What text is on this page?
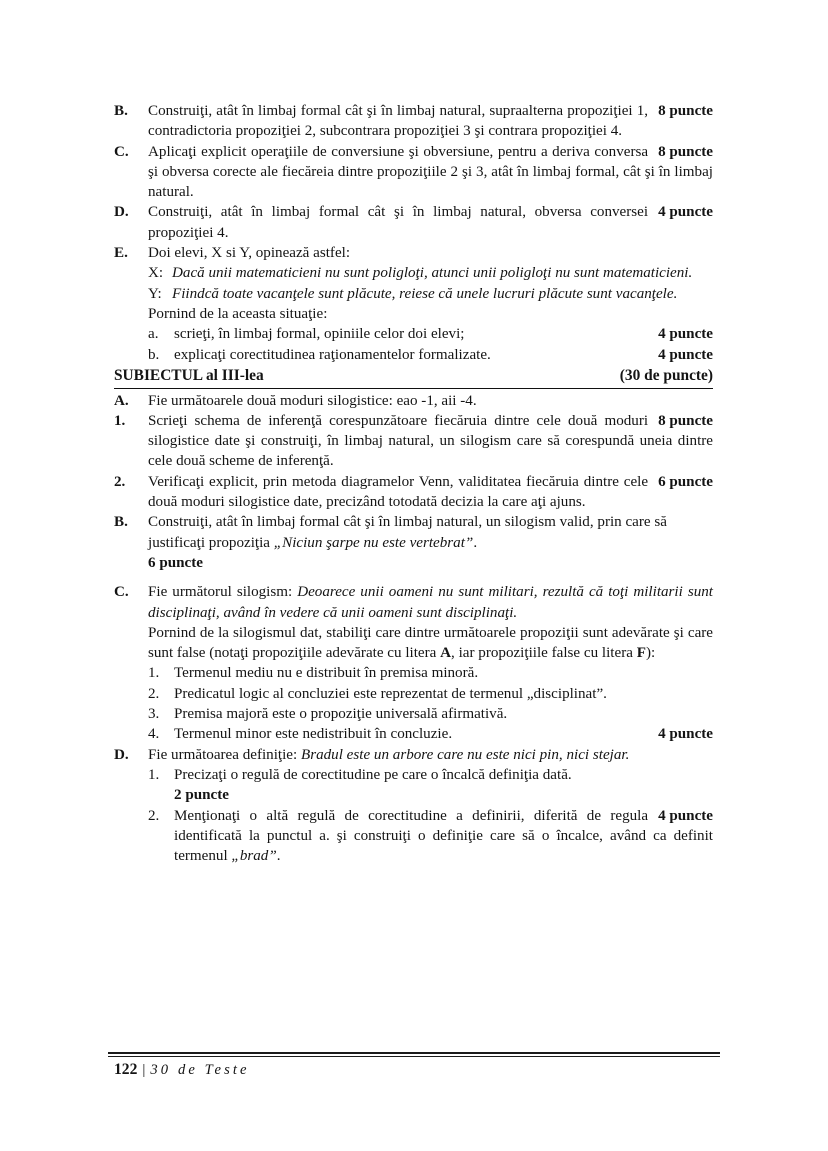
B.	8 puncte
Construiţi, atât în limbaj formal cât şi în limbaj natural, supraalterna propoziţiei 1, contradictoria propoziţiei 2, subcontrara propoziţiei 3 şi contrara propoziţiei 4.

C.	8 puncte
Aplicaţi explicit operaţiile de conversiune şi obversiune, pentru a deriva conversa şi obversa corecte ale fiecăreia dintre propoziţiile 2 şi 3, atât în limbaj formal, cât şi în limbaj natural.

D.	4 puncte
Construiţi, atât în limbaj formal cât şi în limbaj natural, obversa conversei propoziţiei 4.

E.	Doi elevi, X si Y, opinează astfel:

X: Dacă unii matematicieni nu sunt poligloţi, atunci unii poligloţi nu sunt matematicieni.

Y: Fiindcă toate vacanţele sunt plăcute, reiese că unele lucruri plăcute sunt vacanţele.

Pornind de la aceasta situaţie:

a.	4 puncte
scrieţi, în limbaj formal, opiniile celor doi elevi;

b.	4 puncte
explicaţi corectitudinea raţionamentelor formalizate.

SUBIECTUL al III-lea	(30 de puncte)
A.	Fie următoarele două moduri silogistice: eao -1, aii -4.

1.	8 puncte
Scrieţi schema de inferenţă corespunzătoare fiecăruia dintre cele două moduri silogistice date şi construiţi, în limbaj natural, un silogism care să corespundă uneia dintre cele două scheme de inferenţă.

2.	6 puncte
Verificaţi explicit, prin metoda diagramelor Venn, validitatea fiecăruia dintre cele două moduri silogistice date, precizând totodată decizia la care aţi ajuns.

B.	Construiţi, atât în limbaj formal cât şi în limbaj natural, un silogism valid, prin care să justificaţi propoziţia „Niciun şarpe nu este vertebrat”.

6 puncte

C.	Fie următorul silogism: Deoarece unii oameni nu sunt militari, rezultă că toţi militarii sunt disciplinaţi, având în vedere că unii oameni sunt disciplinaţi.

Pornind de la silogismul dat, stabiliţi care dintre următoarele propoziţii sunt adevărate şi care sunt false (notaţi propoziţiile adevărate cu litera A, iar propoziţiile false cu litera F):

1. Termenul mediu nu e distribuit în premisa minoră.

2. Predicatul logic al concluziei este reprezentat de termenul „disciplinat”.

3. Premisa majoră este o propoziţie universală afirmativă.

4.	4 puncte
Termenul minor este nedistribuit în concluzie.

D.	Fie următoarea definiţie: Bradul este un arbore care nu este nici pin, nici stejar.

1. Precizaţi o regulă de corectitudine pe care o încalcă definiţia dată.

2 puncte

2.	4 puncte
Menţionaţi o altă regulă de corectitudine a definirii, diferită de regula identificată la punctul a. şi construiţi o definiţie care să o încalce, având ca definit termenul „brad”.

122 | 30 de Teste
